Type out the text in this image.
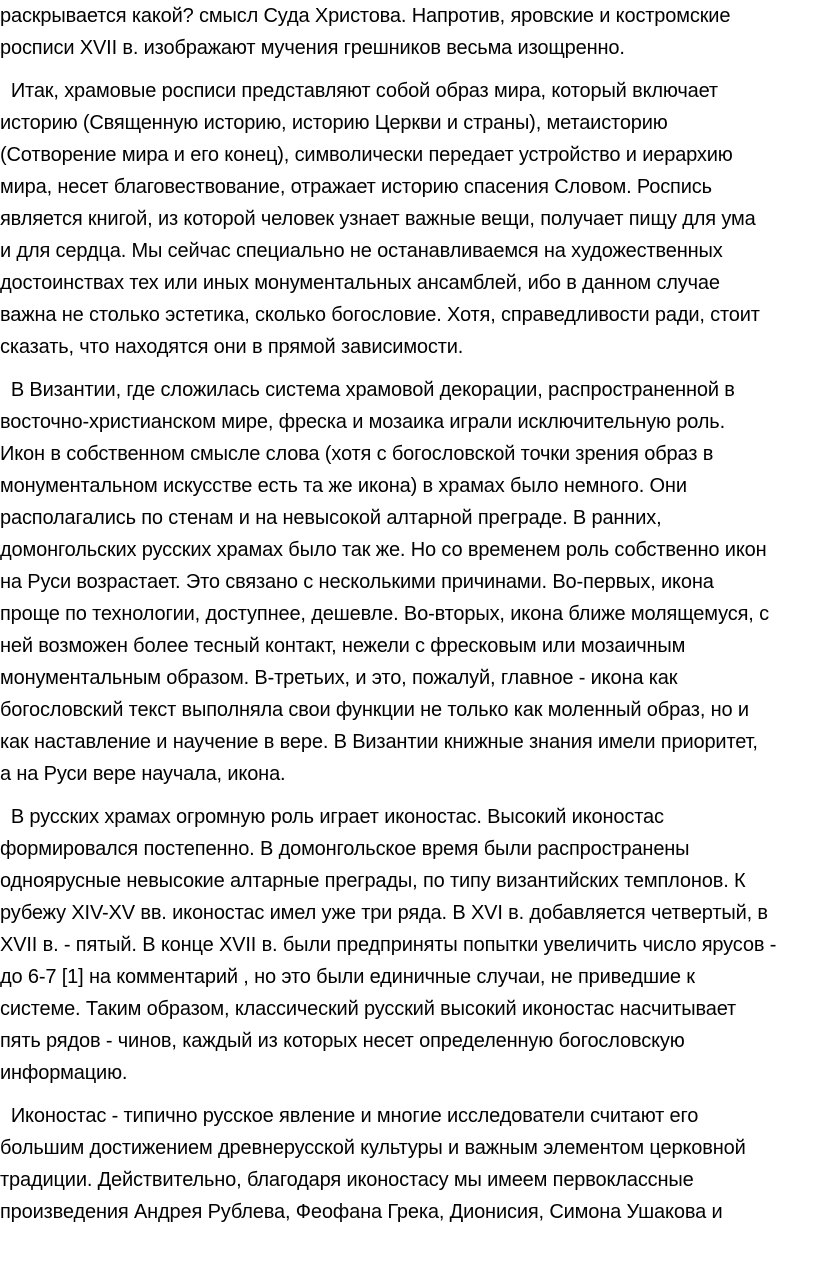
раскрывается какой? смысл Суда Христова. Напротив, яровские и костромские
росписи XVII в. изображают мучения грешников весьма изощренно.

Итак, храмовые росписи представляют собой образ мира, который включает
историю (Священную историю, историю Церкви и страны), метаисторию
(Сотворение мира и его конец), символически передает устройство и иерархию
мира, несет благовествование, отражает историю спасения Словом. Роспись
является книгой, из которой человек узнает важные вещи, получает пищу для ума
и для сердца. Мы сейчас специально не останавливаемся на художественных
достоинствах тех или иных монументальных ансамблей, ибо в данном случае
важна не столько эстетика, сколько богословие. Хотя, справедливости ради, стоит
сказать, что находятся они в прямой зависимости.

В Византии, где сложилась система храмовой декорации, распространенной в
восточно-христианском мире, фреска и мозаика играли исключительную роль.
Икон в собственном смысле слова (хотя с богословской точки зрения образ в
монументальном искусстве есть та же икона) в храмах было немного. Они
располагались по стенам и на невысокой алтарной преграде. В ранних,
домонгольских русских храмах было так же. Но со временем роль собственно икон
на Руси возрастает. Это связано с несколькими причинами. Во-первых, икона
проще по технологии, доступнее, дешевле. Во-вторых, икона ближе молящемуся, с
ней возможен более тесный контакт, нежели с фресковым или мозаичным
монументальным образом. В-третьих, и это, пожалуй, главное - икона как
богословский текст выполняла свои функции не только как моленный образ, но и
как наставление и научение в вере. В Византии книжные знания имели приоритет,
а на Руси вере научала, икона.

В русских храмах огромную роль играет иконостас. Высокий иконостас
формировался постепенно. В домонгольское время были распространены
одноярусные невысокие алтарные преграды, по типу византийских темплонов. К
рубежу XIV-XV вв. иконостас имел уже три ряда. В XVI в. добавляется четвертый, в
XVII в. - пятый. В конце XVII в. были предприняты попытки увеличить число ярусов -
до 6-7 [1] на комментарий , но это были единичные случаи, не приведшие к
системе. Таким образом, классический русский высокий иконостас насчитывает
пять рядов - чинов, каждый из которых несет определенную богословскую
информацию.

Иконостас - типично русское явление и многие исследователи считают его
большим достижением древнерусской культуры и важным элементом церковной
традиции. Действительно, благодаря иконостасу мы имеем первоклассные
произведения Андрея Рублева, Феофана Грека, Дионисия, Симона Ушакова и
